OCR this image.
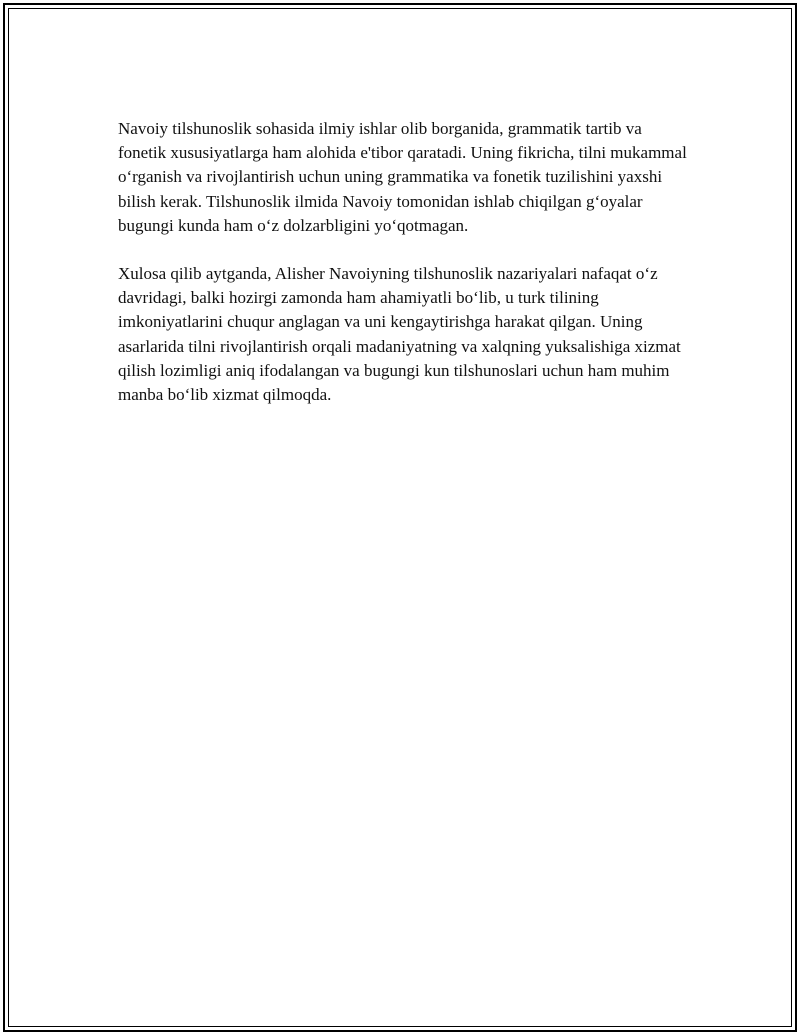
Navoiy tilshunoslik sohasida ilmiy ishlar olib borganida, grammatik tartib va fonetik xususiyatlarga ham alohida e'tibor qaratadi. Uning fikricha, tilni mukammal o‘rganish va rivojlantirish uchun uning grammatika va fonetik tuzilishini yaxshi bilish kerak. Tilshunoslik ilmida Navoiy tomonidan ishlab chiqilgan g‘oyalar bugungi kunda ham o‘z dolzarbligini yo‘qotmagan.

Xulosa qilib aytganda, Alisher Navoiyning tilshunoslik nazariyalari nafaqat o‘z davridagi, balki hozirgi zamonda ham ahamiyatli bo‘lib, u turk tilining imkoniyatlarini chuqur anglagan va uni kengaytirishga harakat qilgan. Uning asarlarida tilni rivojlantirish orqali madaniyatning va xalqning yuksalishiga xizmat qilish lozimligi aniq ifodalangan va bugungi kun tilshunoslari uchun ham muhim manba bo‘lib xizmat qilmoqda.
